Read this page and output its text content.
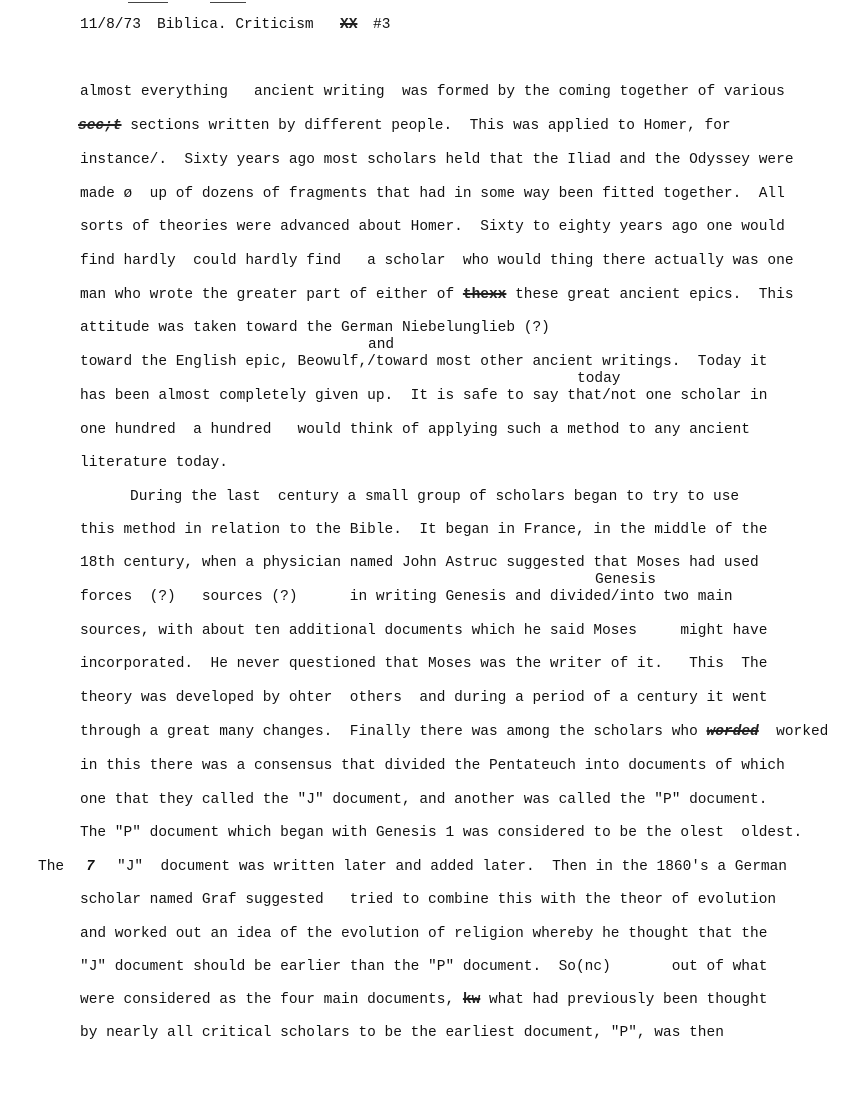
11/8/73 Biblica. Criticism XX #3
almost everything   ancient writing  was formed by the coming together of various
sec;t sections written by different people.  This was applied to Homer, for
instance/.  Sixty years ago most scholars held that the Iliad and the Odyssey were
made ø  up of dozens of fragments that had in some way been fitted together.  All
sorts of theories were advanced about Homer.  Sixty to eighty years ago one would
find hardly  could hardly find   a scholar  who would thing there actually was one
man who wrote the greater part of either of thexx these great ancient epics.  This
attitude was taken toward the German Niebelunglieb (?)
and
toward the English epic, Beowulf,/toward most other ancient writings.  Today it
today
has been almost completely given up.  It is safe to say that/not one scholar in
one hundred  a hundred   would think of applying such a method to any ancient
literature today.
During the last  century a small group of scholars began to try to use
this method in relation to the Bible.  It began in France, in the middle of the
18th century, when a physician named John Astruc suggested that Moses had used
Genesis
forces  (?)   sources (?)      in writing Genesis and divided/into two main
sources, with about ten additional documents which he said Moses     might have
incorporated.  He never questioned that Moses was the writer of it.   This  The
theory was developed by ohter  others  and during a period of a century it went
through a great many changes.  Finally there was among the scholars who worded  worked
in this there was a consensus that divided the Pentateuch into documents of which
one that they called the "J" document, and another was called the "P" document.
The "P" document which began with Genesis 1 was considered to be the olest  oldest.
The 7 "J"  document was written later and added later.  Then in the 1860's a German
scholar named Graf suggested   tried to combine this with the theor of evolution
and worked out an idea of the evolution of religion whereby he thought that the
"J" document should be earlier than the "P" document.  So(nc)       out of what
were considered as the four main documents, kw what had previously been thought
by nearly all critical scholars to be the earliest document, "P", was then
